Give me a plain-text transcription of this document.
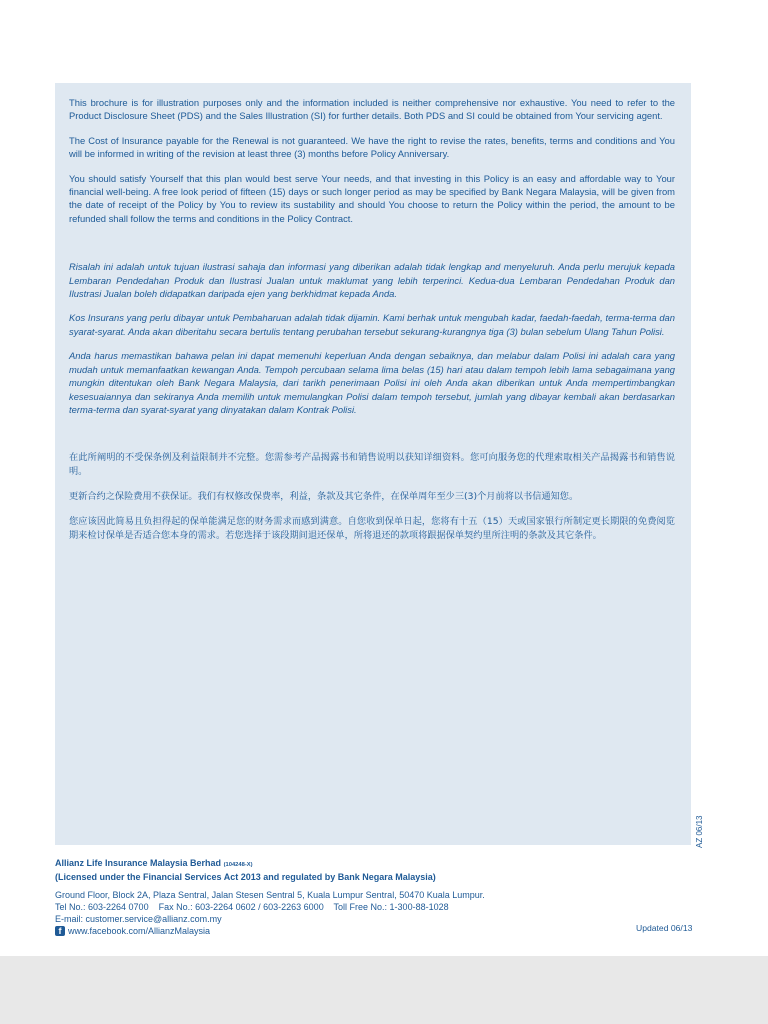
This brochure is for illustration purposes only and the information included is neither comprehensive nor exhaustive. You need to refer to the Product Disclosure Sheet (PDS) and the Sales Illustration (SI) for further details. Both PDS and SI could be obtained from Your servicing agent.

The Cost of Insurance payable for the Renewal is not guaranteed. We have the right to revise the rates, benefits, terms and conditions and You will be informed in writing of the revision at least three (3) months before Policy Anniversary.

You should satisfy Yourself that this plan would best serve Your needs, and that investing in this Policy is an easy and affordable way to Your financial well-being. A free look period of fifteen (15) days or such longer period as may be specified by Bank Negara Malaysia, will be given from the date of receipt of the Policy by You to review its sustability and should You choose to return the Policy within the period, the amount to be refunded shall follow the terms and conditions in the Policy Contract.

Risalah ini adalah untuk tujuan ilustrasi sahaja dan informasi yang diberikan adalah tidak lengkap and menyeluruh. Anda perlu merujuk kepada Lembaran Pendedahan Produk dan Ilustrasi Jualan untuk maklumat yang lebih terperinci. Kedua-dua Lembaran Pendedahan Produk dan Ilustrasi Jualan boleh didapatkan daripada ejen yang berkhidmat kepada Anda.

Kos Insurans yang perlu dibayar untuk Pembaharuan adalah tidak dijamin. Kami berhak untuk mengubah kadar, faedah-faedah, terma-terma dan syarat-syarat. Anda akan diberitahu secara bertulis tentang perubahan tersebut sekurang-kurangnya tiga (3) bulan sebelum Ulang Tahun Polisi.

Anda harus memastikan bahawa pelan ini dapat memenuhi keperluan Anda dengan sebaiknya, dan melabur dalam Polisi ini adalah cara yang mudah untuk memanfaatkan kewangan Anda. Tempoh percubaan selama lima belas (15) hari atau dalam tempoh lebih lama sebagaimana yang mungkin ditentukan oleh Bank Negara Malaysia, dari tarikh penerimaan Polisi ini oleh Anda akan diberikan untuk Anda mempertimbangkan kesesuaiannya dan sekiranya Anda memilih untuk memulangkan Polisi dalam tempoh tersebut, jumlah yang dibayar kembali akan berdasarkan terma-terma dan syarat-syarat yang dinyatakan dalam Kontrak Polisi.

在此所阐明的不受保条例及利益限制并不完整。您需参考产品揭露书和销售说明以获知详细资料。您可向服务您的代理索取相关产品揭露书和销售说明。

更新合约之保险费用不获保证。我们有权修改保费率，利益，条款及其它条件，在保单周年至少三(3)个月前将以书信通知您。

您应该因此简易且负担得起的保单能满足您的财务需求而感到满意。自您收到保单日起，您将有十五（15）天或国家银行所制定更长期限的免费阅览期来检讨保单是否适合您本身的需求。若您选择于该段期间退还保单，所将退还的款项将跟据保单契约里所注明的条款及其它条件。

AZ 06/13
Allianz Life Insurance Malaysia Berhad (104248-X)
(Licensed under the Financial Services Act 2013 and regulated by Bank Negara Malaysia)
Ground Floor, Block 2A, Plaza Sentral, Jalan Stesen Sentral 5, Kuala Lumpur Sentral, 50470 Kuala Lumpur.
Tel No.: 603-2264 0700    Fax No.: 603-2264 0602 / 603-2263 6000    Toll Free No.: 1-300-88-1028
E-mail: customer.service@allianz.com.my
f www.facebook.com/AllianzMalaysia	Updated 06/13
